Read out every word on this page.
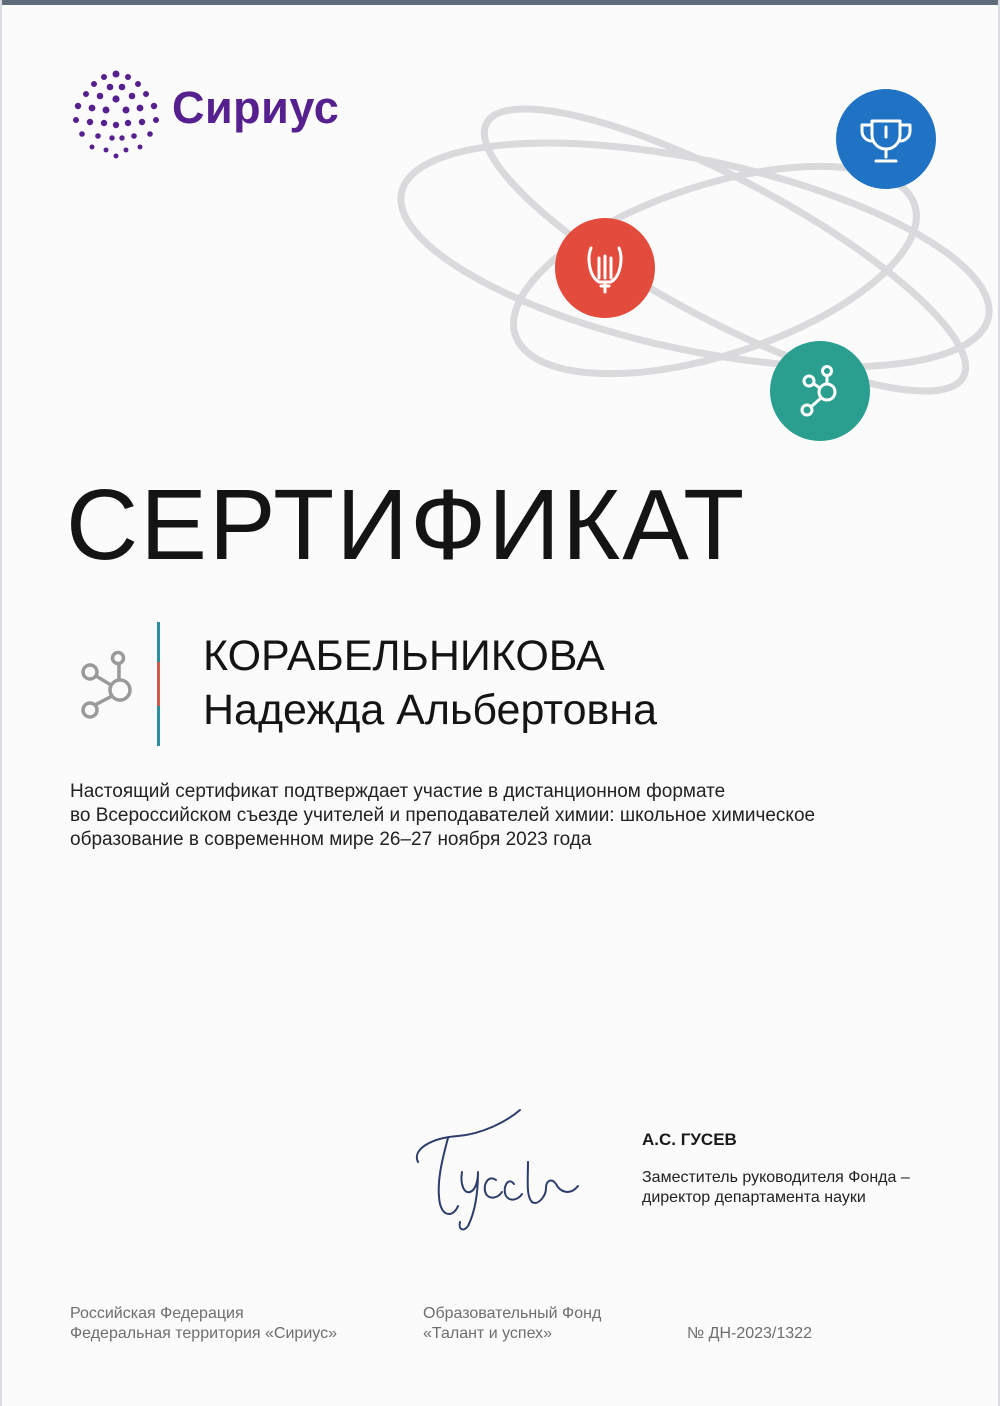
Сириус
СЕРТИФИКАТ
КОРАБЕЛЬНИКОВА
Надежда Альбертовна
Настоящий сертификат подтверждает участие в дистанционном формате
во Всероссийском съезде учителей и преподавателей химии: школьное химическое
образование в современном мире 26–27 ноября 2023 года
А.С. ГУСЕВ
Заместитель руководителя Фонда –
директор департамента науки
Российская Федерация
Федеральная территория «Сириус»
Образовательный Фонд
«Талант и успех»	№ ДН-2023/1322
